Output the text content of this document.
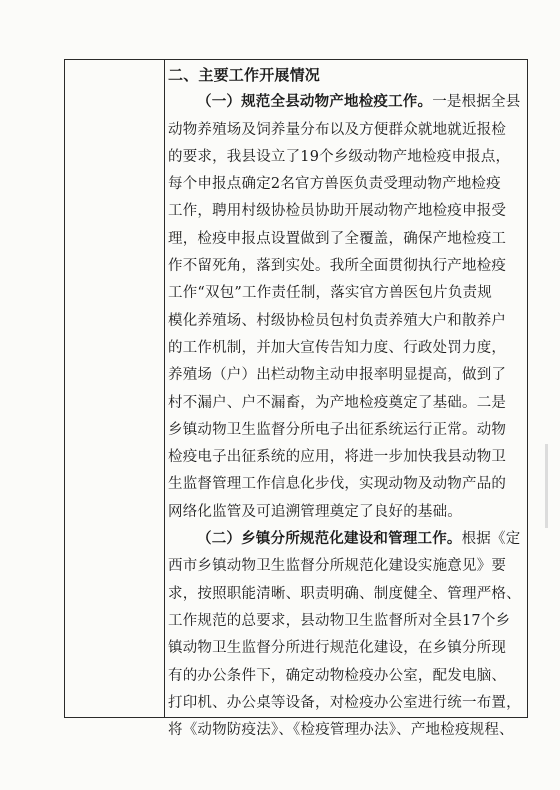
二、主要工作开展情况
（一）规范全县动物产地检疫工作。一是根据全县
动物养殖场及饲养量分布以及方便群众就地就近报检
的要求，我县设立了19个乡级动物产地检疫申报点，
每个申报点确定2名官方兽医负责受理动物产地检疫
工作，聘用村级协检员协助开展动物产地检疫申报受
理，检疫申报点设置做到了全覆盖，确保产地检疫工
作不留死角，落到实处。我所全面贯彻执行产地检疫
工作“双包”工作责任制，落实官方兽医包片负责规
模化养殖场、村级协检员包村负责养殖大户和散养户
的工作机制，并加大宣传告知力度、行政处罚力度，
养殖场（户）出栏动物主动申报率明显提高，做到了
村不漏户、户不漏畜，为产地检疫奠定了基础。二是
乡镇动物卫生监督分所电子出征系统运行正常。动物
检疫电子出征系统的应用，将进一步加快我县动物卫
生监督管理工作信息化步伐，实现动物及动物产品的
网络化监管及可追溯管理奠定了良好的基础。
（二）乡镇分所规范化建设和管理工作。根据《定
西市乡镇动物卫生监督分所规范化建设实施意见》要
求，按照职能清晰、职责明确、制度健全、管理严格、
工作规范的总要求，县动物卫生监督所对全县17个乡
镇动物卫生监督分所进行规范化建设，在乡镇分所现
有的办公条件下，确定动物检疫办公室，配发电脑、
打印机、办公桌等设备，对检疫办公室进行统一布置，
将《动物防疫法》、《检疫管理办法》、产地检疫规程、
